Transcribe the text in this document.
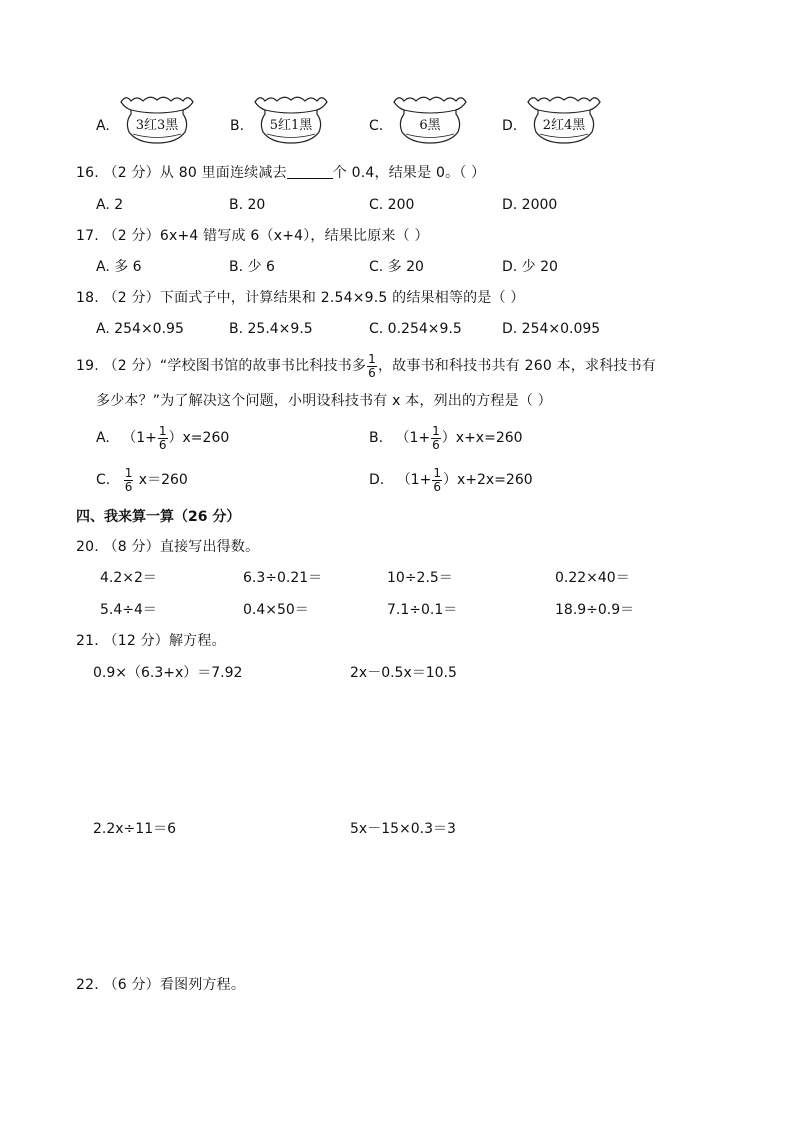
A.	3红3黑	B.	5红1黑	C.	6黑	D.	2红4黑
16. （2 分）从 80 里面连续减去	个 0.4，结果是 0。（ ）
A. 2	B. 20	C. 200	D. 2000
17. （2 分）6x+4 错写成 6（x+4），结果比原来（ ）
A. 多 6	B. 少 6	C. 多 20	D. 少 20
18. （2 分）下面式子中，计算结果和 2.54×9.5 的结果相等的是（ ）
A. 254×0.95	B. 25.4×9.5	C. 0.254×9.5	D. 254×0.095
19. （2 分）“学校图书馆的故事书比科技书多 $\frac{1}{6}$ ，故事书和科技书共有 260 本，求科技书有
多少本？”为了解决这个问题，小明设科技书有 x 本，列出的方程是（ ）
A. $(1+ \frac{1}{6} )x=260$	B. $(1+ \frac{1}{6} )x+x=260$
C. $\frac{1}{6} x=260$	D. $(1+ \frac{1}{6} )x+2x=260$
四、我来算一算（26 分）
20. （8 分）直接写出得数。
4.2×2＝	6.3÷0.21＝	10÷2.5＝	0.22×40＝
5.4÷4＝	0.4×50＝	7.1÷0.1＝	18.9÷0.9＝
21. （12 分）解方程。
0.9×（6.3+x）＝7.92	2x－0.5x＝10.5
2.2x÷11＝6	5x－15×0.3＝3
22. （6 分）看图列方程。
